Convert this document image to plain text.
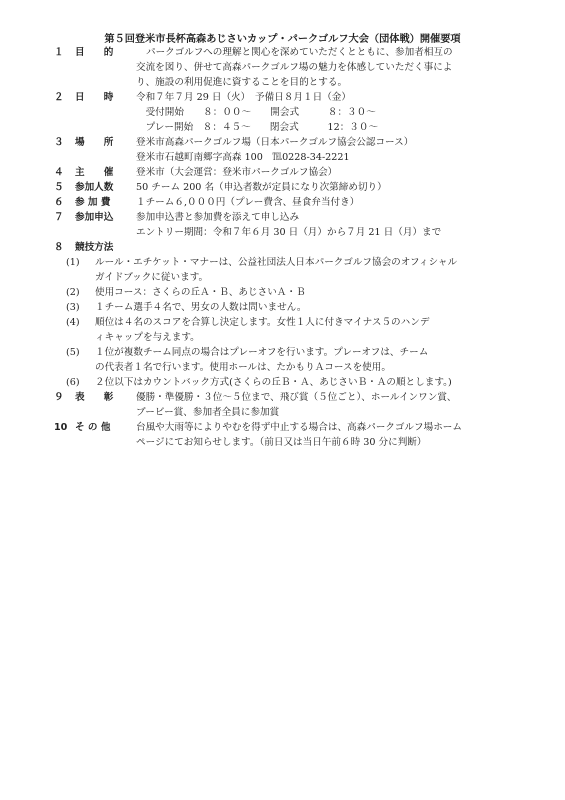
第５回登米市長杯高森あじさいカップ・パークゴルフ大会（団体戦）開催要項
１	目　　的	パークゴルフへの理解と関心を深めていただくとともに、参加者相互の
交流を図り、併せて高森パークゴルフ場の魅力を体感していただく事によ
り、施設の利用促進に資することを目的とする。
２	日　　時	令和７年７月 29 日（火）　予備日８月１日（金）
　受付開始　　８：００～　　開会式　　　８：３０～
　プレー開始　８：４５～　　閉会式　　　12：３０～
３	場　　所	登米市高森パークゴルフ場（日本パークゴルフ協会公認コース）
登米市石越町南郷字高森 100　℡0228-34-2221
４	主　　催	登米市（大会運営：登米市パークゴルフ協会）
５	参加人数	50 チーム 200 名（申込者数が定員になり次第締め切り）
６	参 加 費	１チーム６,０００円（プレー費含、昼食弁当付き）
７	参加申込	参加申込書と参加費を添えて申し込み
エントリー期間：令和７年６月 30 日（月）から７月 21 日（月）まで
８	競技方法
(1)	ルール・エチケット・マナーは、公益社団法人日本パークゴルフ協会のオフィシャル
ガイドブックに従います。
(2)	使用コース：さくらの丘Ａ・Ｂ、あじさいＡ・Ｂ
(3)	１チーム選手４名で、男女の人数は問いません。
(4)	順位は４名のスコアを合算し決定します。女性１人に付きマイナス５のハンデ
ィキャップを与えます。
(5)	１位が複数チーム同点の場合はプレーオフを行います。プレーオフは、チーム
の代表者１名で行います。使用ホールは、たかもりＡコースを使用。
(6)	２位以下はカウントバック方式(さくらの丘Ｂ・Ａ、あじさいＢ・Ａの順とします。)
９	表　　彰	優勝・準優勝・３位～５位まで、飛び賞（５位ごと）、ホールインワン賞、
ブービー賞、参加者全員に参加賞
10 そ の 他	台風や大雨等によりやむを得ず中止する場合は、高森パークゴルフ場ホーム
ページにてお知らせします。（前日又は当日午前６時 30 分に判断）
